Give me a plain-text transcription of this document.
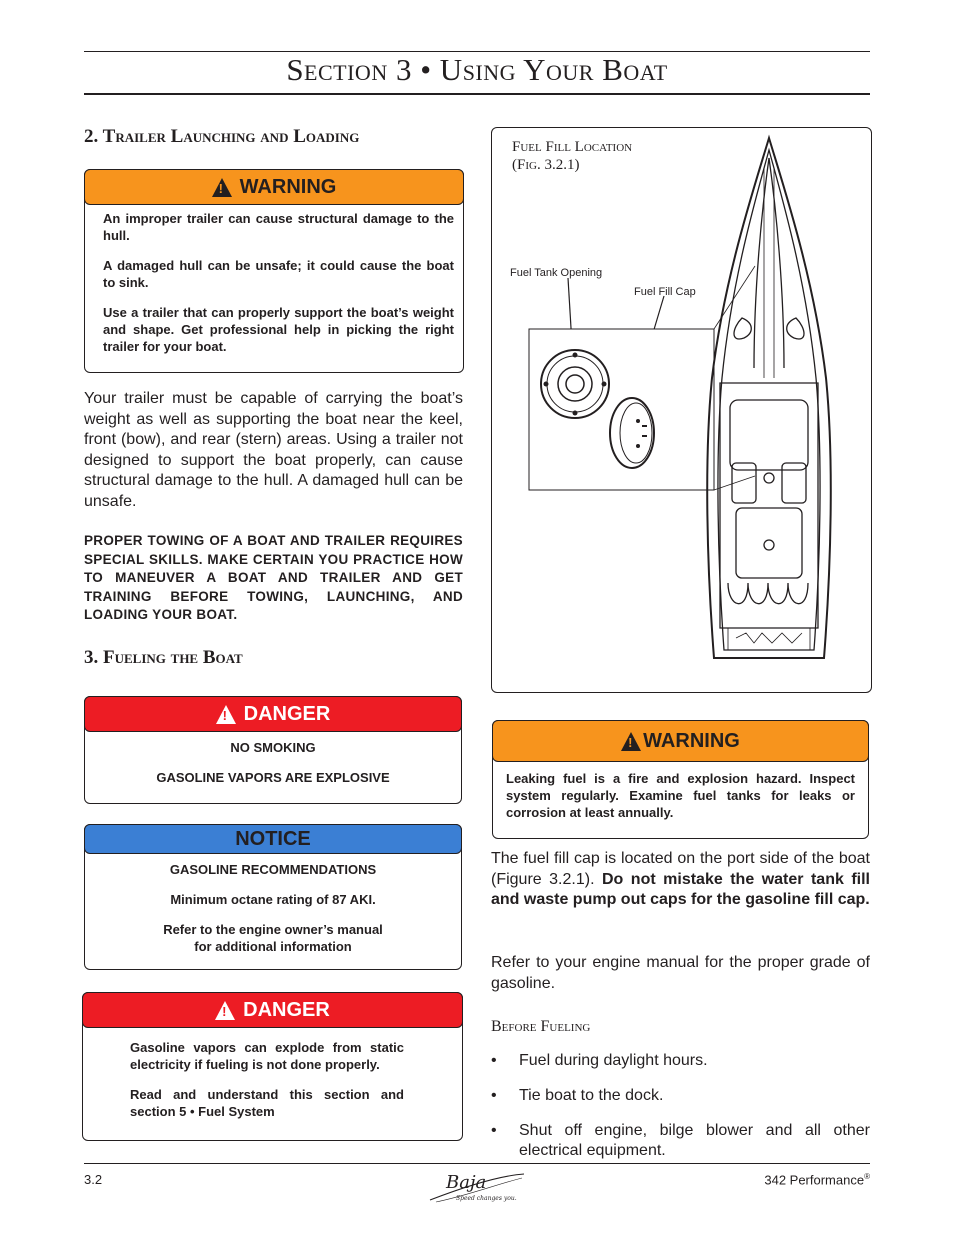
Section 3 • Using Your Boat
2. Trailer Launching and Loading
! WARNING

An improper trailer can cause structural damage to the hull.

A damaged hull can be unsafe; it could cause the boat to sink.

Use a trailer that can properly support the boat’s weight and shape. Get professional help in picking the right trailer for your boat.

Your trailer must be capable of carrying the boat’s weight as well as supporting the boat near the keel, front (bow), and rear (stern) areas. Using a trailer not designed to support the boat properly, can cause structural damage to the hull. A damaged hull can be unsafe.

PROPER TOWING OF A BOAT AND TRAILER REQUIRES SPECIAL SKILLS. MAKE CERTAIN YOU PRACTICE HOW TO MANEUVER A BOAT AND TRAILER AND GET TRAINING BEFORE TOWING, LAUNCHING, AND LOADING YOUR BOAT.
3. Fueling the Boat
! DANGER

NO SMOKING

GASOLINE VAPORS ARE EXPLOSIVE

NOTICE

GASOLINE RECOMMENDATIONS

Minimum octane rating of 87 AKI.

Refer to the engine owner’s manual

for additional information

! DANGER

Gasoline vapors can explode from static electricity if fueling is not done properly.

Read and understand this section and section 5 • Fuel System

Fuel Fill Location
(Fig. 3.2.1)
Fuel Tank Opening
Fuel Fill Cap
! WARNING
Leaking fuel is a fire and explosion hazard. Inspect system regularly. Examine fuel tanks for leaks or corrosion at least annually.

The fuel fill cap is located on the port side of the boat (Figure 3.2.1). Do not mistake the water tank fill and waste pump out caps for the gasoline fill cap.

Refer to your engine manual for the proper grade of gasoline.
Before Fueling
• Fuel during daylight hours.
• Tie boat to the dock.
• Shut off engine, bilge blower and all other electrical equipment.
3.2	Baja
Speed changes you.
342 Performance®
